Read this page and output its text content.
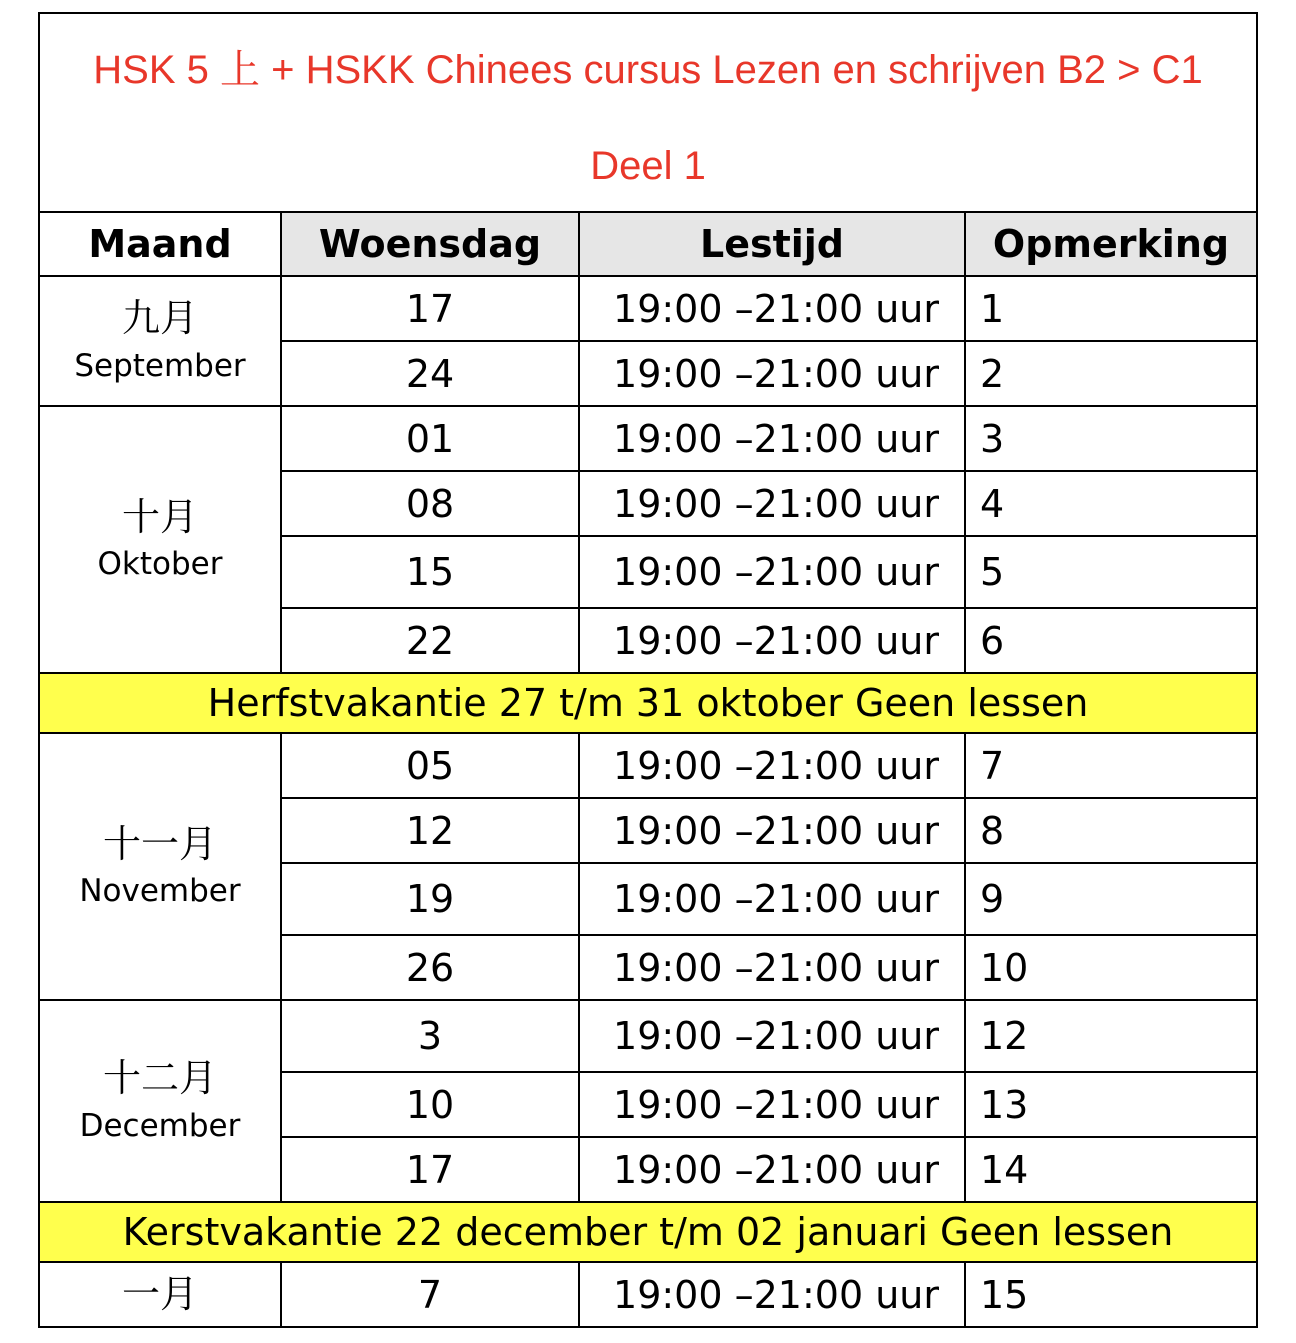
HSK 5 上 + HSKK Chinees cursus Lezen en schrijven B2 > C1
Deel 1			

Maand	Woensdag	Lestijd	Opmerking

九月
September	17	19:00 –21:00 uur	1
	24	19:00 –21:00 uur	2

十月
Oktober	01	19:00 –21:00 uur	3
	08	19:00 –21:00 uur	4
	15	19:00 –21:00 uur	5
	22	19:00 –21:00 uur	6
Herfstvakantie 27 t/m 31 oktober Geen lessen			

十一月
November	05	19:00 –21:00 uur	7
	12	19:00 –21:00 uur	8
	19	19:00 –21:00 uur	9
	26	19:00 –21:00 uur	10

十二月
December	3	19:00 –21:00 uur	12
	10	19:00 –21:00 uur	13
	17	19:00 –21:00 uur	14
Kerstvakantie 22 december t/m 02 januari Geen lessen			

一月	7	19:00 –21:00 uur	15
